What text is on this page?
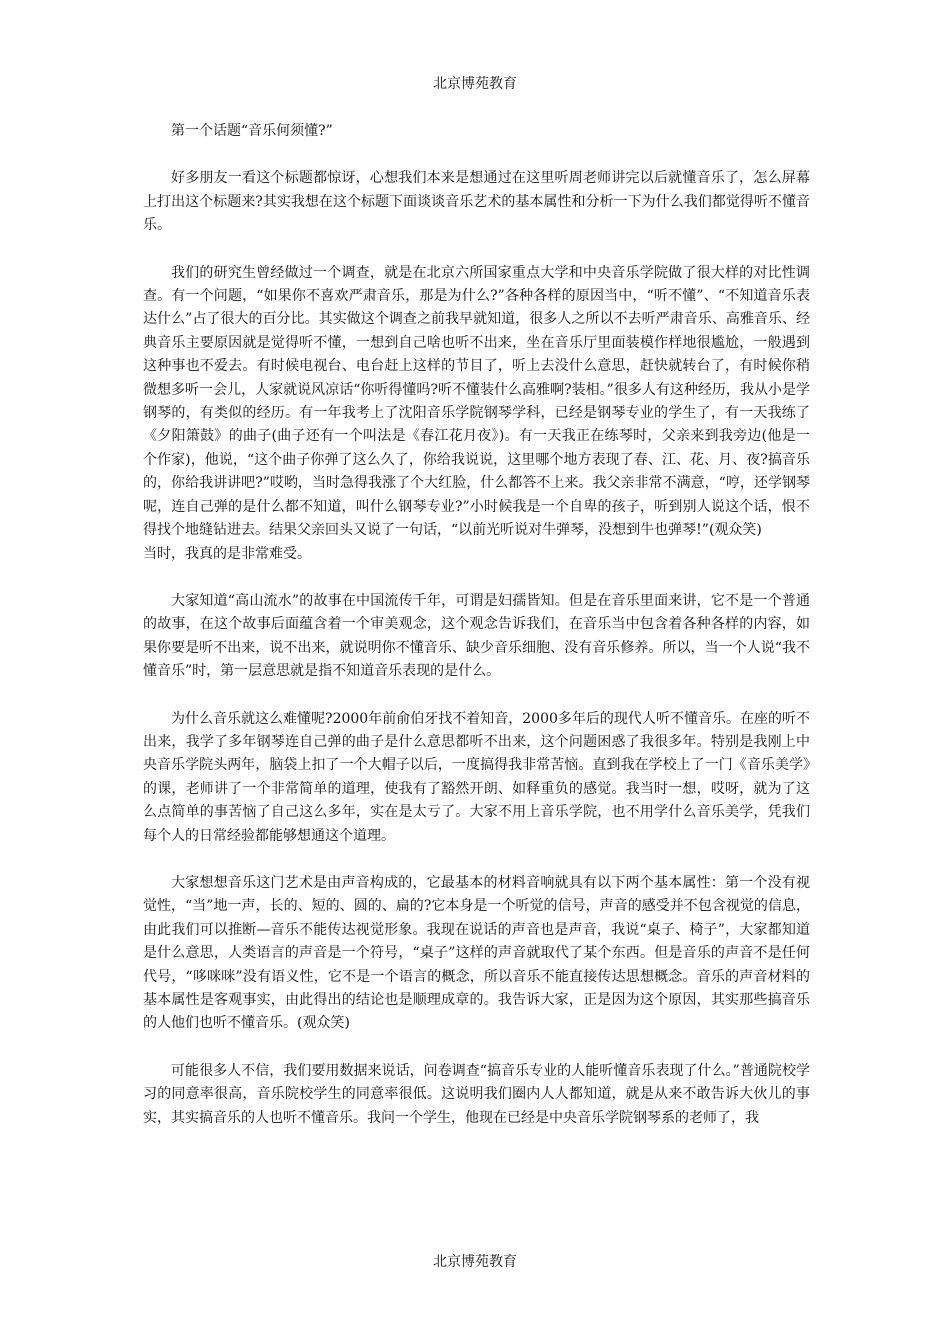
北京博苑教育

第一个话题“音乐何须懂?”

好多朋友一看这个标题都惊讶，心想我们本来是想通过在这里听周老师讲完以后就懂音乐了，怎么屏幕上打出这个标题来?其实我想在这个标题下面谈谈音乐艺术的基本属性和分析一下为什么我们都觉得听不懂音乐。

我们的研究生曾经做过一个调查，就是在北京六所国家重点大学和中央音乐学院做了很大样的对比性调查。有一个问题，“如果你不喜欢严肃音乐，那是为什么?”各种各样的原因当中，“听不懂”、“不知道音乐表达什么”占了很大的百分比。其实做这个调查之前我早就知道，很多人之所以不去听严肃音乐、高雅音乐、经典音乐主要原因就是觉得听不懂，一想到自己啥也听不出来，坐在音乐厅里面装模作样地很尴尬，一般遇到这种事也不爱去。有时候电视台、电台赶上这样的节目了，听上去没什么意思，赶快就转台了，有时候你稍微想多听一会儿，人家就说风凉话“你听得懂吗?听不懂装什么高雅啊?装相。”很多人有这种经历，我从小是学钢琴的，有类似的经历。有一年我考上了沈阳音乐学院钢琴学科，已经是钢琴专业的学生了，有一天我练了《夕阳箫鼓》的曲子(曲子还有一个叫法是《春江花月夜》)。有一天我正在练琴时，父亲来到我旁边(他是一个作家)，他说，“这个曲子你弹了这么久了，你给我说说，这里哪个地方表现了春、江、花、月、夜?搞音乐的，你给我讲讲吧?”哎哟，当时急得我涨了个大红脸，什么都答不上来。我父亲非常不满意，“哼，还学钢琴呢，连自己弹的是什么都不知道，叫什么钢琴专业?”小时候我是一个自卑的孩子，听到别人说这个话，恨不得找个地缝钻进去。结果父亲回头又说了一句话，“以前光听说对牛弹琴，没想到牛也弹琴!”(观众笑)

当时，我真的是非常难受。

大家知道“高山流水”的故事在中国流传千年，可谓是妇孺皆知。但是在音乐里面来讲，它不是一个普通的故事，在这个故事后面蕴含着一个审美观念，这个观念告诉我们，在音乐当中包含着各种各样的内容，如果你要是听不出来，说不出来，就说明你不懂音乐、缺少音乐细胞、没有音乐修养。所以，当一个人说“我不懂音乐”时，第一层意思就是指不知道音乐表现的是什么。

为什么音乐就这么难懂呢?2000年前俞伯牙找不着知音，2000多年后的现代人听不懂音乐。在座的听不出来，我学了多年钢琴连自己弹的曲子是什么意思都听不出来，这个问题困惑了我很多年。特别是我刚上中央音乐学院头两年，脑袋上扣了一个大帽子以后，一度搞得我非常苦恼。直到我在学校上了一门《音乐美学》的课，老师讲了一个非常简单的道理，使我有了豁然开朗、如释重负的感觉。我当时一想，哎呀，就为了这么点简单的事苦恼了自己这么多年，实在是太亏了。大家不用上音乐学院，也不用学什么音乐美学，凭我们每个人的日常经验都能够想通这个道理。

大家想想音乐这门艺术是由声音构成的，它最基本的材料音响就具有以下两个基本属性：第一个没有视觉性，“当”地一声，长的、短的、圆的、扁的?它本身是一个听觉的信号，声音的感受并不包含视觉的信息，由此我们可以推断—音乐不能传达视觉形象。我现在说话的声音也是声音，我说“桌子、椅子”，大家都知道是什么意思，人类语言的声音是一个符号，“桌子”这样的声音就取代了某个东西。但是音乐的声音不是任何代号，“哆咪咪”没有语义性，它不是一个语言的概念，所以音乐不能直接传达思想概念。音乐的声音材料的基本属性是客观事实，由此得出的结论也是顺理成章的。我告诉大家，正是因为这个原因，其实那些搞音乐的人他们也听不懂音乐。(观众笑)

可能很多人不信，我们要用数据来说话，问卷调查“搞音乐专业的人能听懂音乐表现了什么。”普通院校学习的同意率很高，音乐院校学生的同意率很低。这说明我们圈内人人都知道，就是从来不敢告诉大伙儿的事实，其实搞音乐的人也听不懂音乐。我问一个学生，他现在已经是中央音乐学院钢琴系的老师了，我

北京博苑教育
